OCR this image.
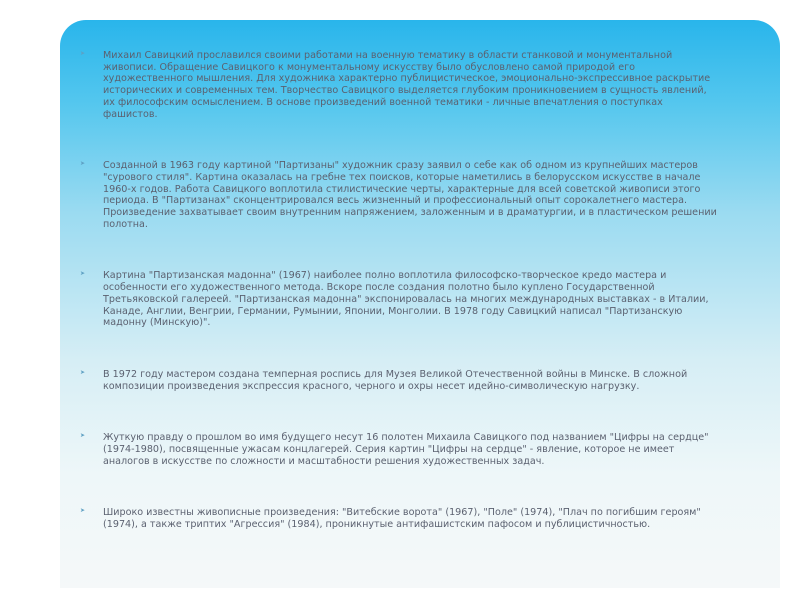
➤ Михаил Савицкий прославился своими работами на военную тематику в области станковой и монументальной живописи. Обращение Савицкого к монументальному искусству было обусловлено самой природой его художественного мышления. Для художника характерно публицистическое, эмоционально-экспрессивное раскрытие исторических и современных тем. Творчество Савицкого выделяется глубоким проникновением в сущность явлений, их философским осмыслением. В основе произведений военной тематики - личные впечатления о поступках фашистов.
➤ Созданной в 1963 году картиной "Партизаны" художник сразу заявил о себе как об одном из крупнейших мастеров "сурового стиля". Картина оказалась на гребне тех поисков, которые наметились в белорусском искусстве в начале 1960-х годов. Работа Савицкого воплотила стилистические черты, характерные для всей советской живописи этого периода. В "Партизанах" сконцентрировался весь жизненный и профессиональный опыт сорокалетнего мастера. Произведение захватывает своим внутренним напряжением, заложенным и в драматургии, и в пластическом решении полотна.
➤ Картина "Партизанская мадонна" (1967) наиболее полно воплотила философско-творческое кредо мастера и особенности его художественного метода. Вскоре после создания полотно было куплено Государственной Третьяковской галереей. "Партизанская мадонна" экспонировалась на многих международных выставках - в Италии, Канаде, Англии, Венгрии, Германии, Румынии, Японии, Монголии. В 1978 году Савицкий написал "Партизанскую мадонну (Минскую)".
➤ В 1972 году мастером создана темперная роспись для Музея Великой Отечественной войны в Минске. В сложной композиции произведения экспрессия красного, черного и охры несет идейно-символическую нагрузку.
➤ Жуткую правду о прошлом во имя будущего несут 16 полотен Михаила Савицкого под названием "Цифры на сердце" (1974-1980), посвященные ужасам концлагерей. Серия картин "Цифры на сердце" - явление, которое не имеет аналогов в искусстве по сложности и масштабности решения художественных задач.
➤ Широко известны живописные произведения: "Витебские ворота" (1967), "Поле" (1974), "Плач по погибшим героям" (1974), а также триптих "Агрессия" (1984), проникнутые антифашистским пафосом и публицистичностью.
